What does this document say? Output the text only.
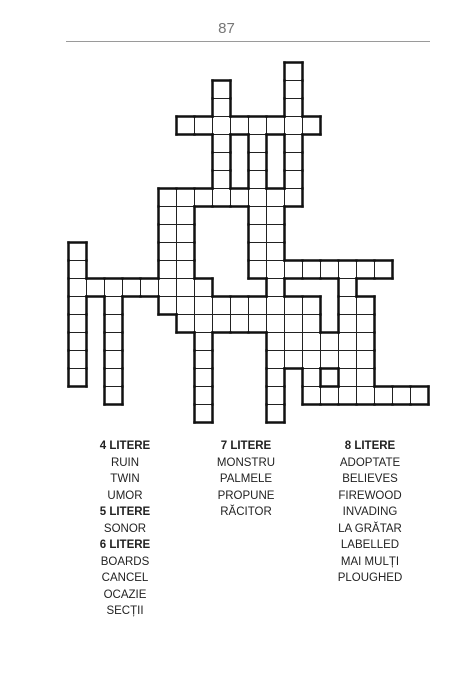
87
4 LITERE
RUIN
TWIN
UMOR
5 LITERE
SONOR
6 LITERE
BOARDS
CANCEL
OCAZIE
SECȚII
7 LITERE
MONSTRU
PALMELE
PROPUNE
RĂCITOR
8 LITERE
ADOPTATE
BELIEVES
FIREWOOD
INVADING
LA GRĂTAR
LABELLED
MAI MULȚI
PLOUGHED
